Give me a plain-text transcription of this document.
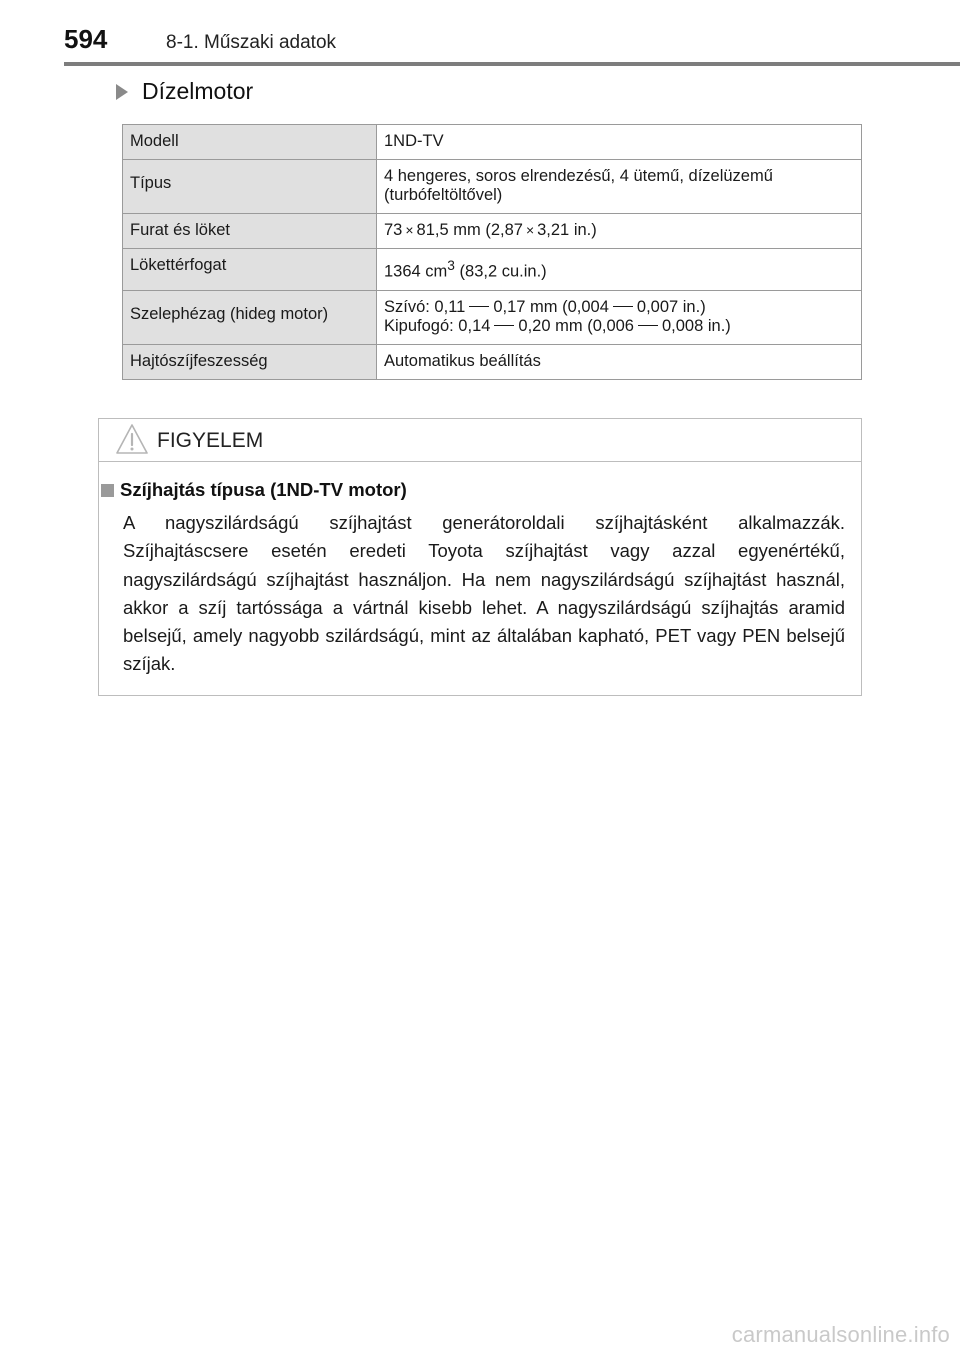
594	8-1. Műszaki adatok
Dízelmotor
Modell	1ND-TV
Típus	4 hengeres, soros elrendezésű, 4 ütemű, dízelüzemű
(turbófeltöltővel)

Furat és löket	73 × 81,5 mm (2,87 × 3,21 in.)
Lökettérfogat	1364 $cm^3$ (83,2 cu.in.)
Szelephézag (hideg motor)	Szívó: 0,11 0,17 mm (0,004 0,007 in.)
Kipufogó: 0,14 0,20 mm (0,006 0,008 in.)

Hajtószíjfeszesség	Automatikus beállítás
FIGYELEM
Szíjhajtás típusa (1ND-TV motor)

A nagyszilárdságú szíjhajtást generátoroldali szíjhajtásként alkalmazzák. Szíjhajtáscsere esetén eredeti Toyota szíjhajtást vagy azzal egyenértékű, nagyszilárdságú szíjhajtást használjon. Ha nem nagyszilárdságú szíjhajtást használ, akkor a szíj tartóssága a vártnál kisebb lehet. A nagyszilárdságú szíjhajtás aramid belsejű, amely nagyobb szilárdságú, mint az általában kapható, PET vagy PEN belsejű szíjak.

carmanualsonline.info
